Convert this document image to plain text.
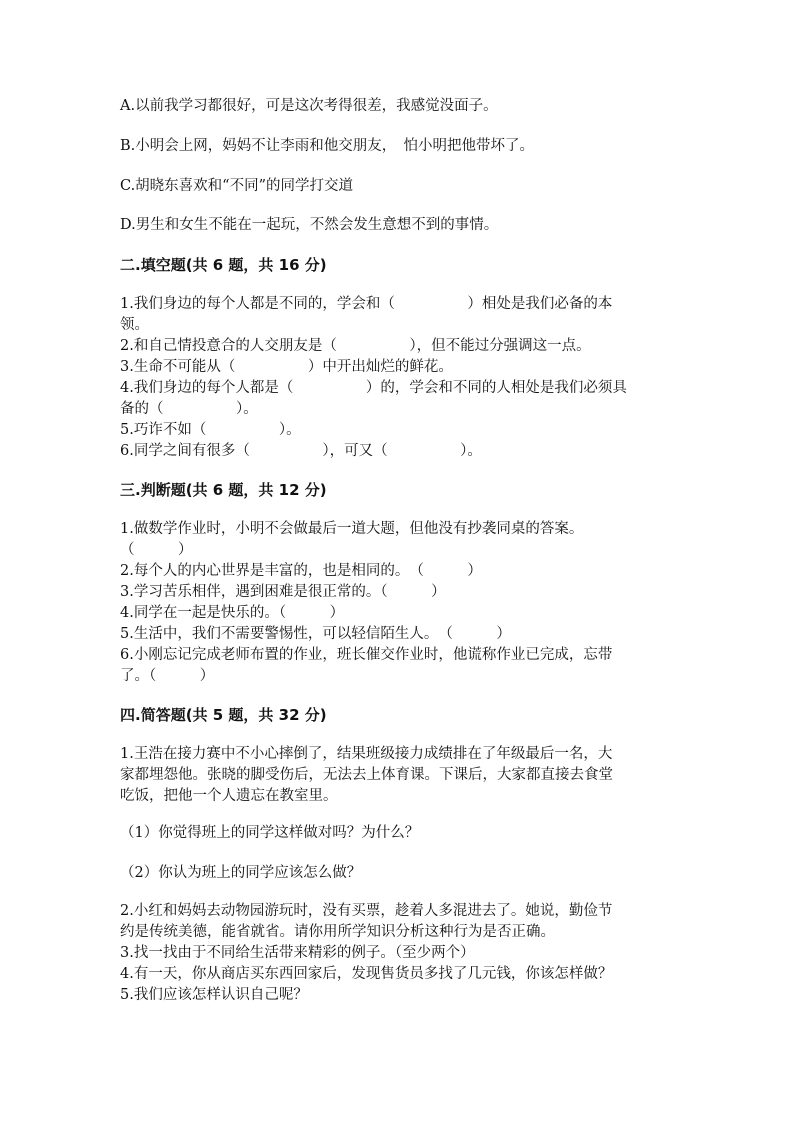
A.以前我学习都很好，可是这次考得很差，我感觉没面子。
B.小明会上网，妈妈不让李雨和他交朋友，　怕小明把他带坏了。
C.胡晓东喜欢和“不同”的同学打交道
D.男生和女生不能在一起玩，不然会发生意想不到的事情。
二.填空题(共 6 题，共 16 分)
1.我们身边的每个人都是不同的，学会和（　　　　　）相处是我们必备的本
领。
2.和自己情投意合的人交朋友是（　　　　　），但不能过分强调这一点。
3.生命不可能从（　　　　　）中开出灿烂的鲜花。
4.我们身边的每个人都是（　　　　　）的，学会和不同的人相处是我们必须具
备的（　　　　　）。
5.巧诈不如（　　　　　）。
6.同学之间有很多（　　　　　），可又（　　　　　）。
三.判断题(共 6 题，共 12 分)
1.做数学作业时，小明不会做最后一道大题，但他没有抄袭同桌的答案。
（　　　）
2.每个人的内心世界是丰富的，也是相同的。　（　　　）
3.学习苦乐相伴，遇到困难是很正常的。（　　　）
4.同学在一起是快乐的。（　　　）
5.生活中，我们不需要警惕性，可以轻信陌生人。　（　　　）
6.小刚忘记完成老师布置的作业，班长催交作业时，他谎称作业已完成，忘带
了。（　　　）
四.简答题(共 5 题，共 32 分)
1.王浩在接力赛中不小心摔倒了，结果班级接力成绩排在了年级最后一名，大
家都埋怨他。张晓的脚受伤后，无法去上体育课。下课后，大家都直接去食堂
吃饭，把他一个人遗忘在教室里。
（1）你觉得班上的同学这样做对吗？为什么？
（2）你认为班上的同学应该怎么做？
2.小红和妈妈去动物园游玩时，没有买票，趁着人多混进去了。她说，勤俭节
约是传统美德，能省就省。请你用所学知识分析这种行为是否正确。
3.找一找由于不同给生活带来精彩的例子。（至少两个）
4.有一天，你从商店买东西回家后，发现售货员多找了几元钱，你该怎样做？
5.我们应该怎样认识自己呢？
